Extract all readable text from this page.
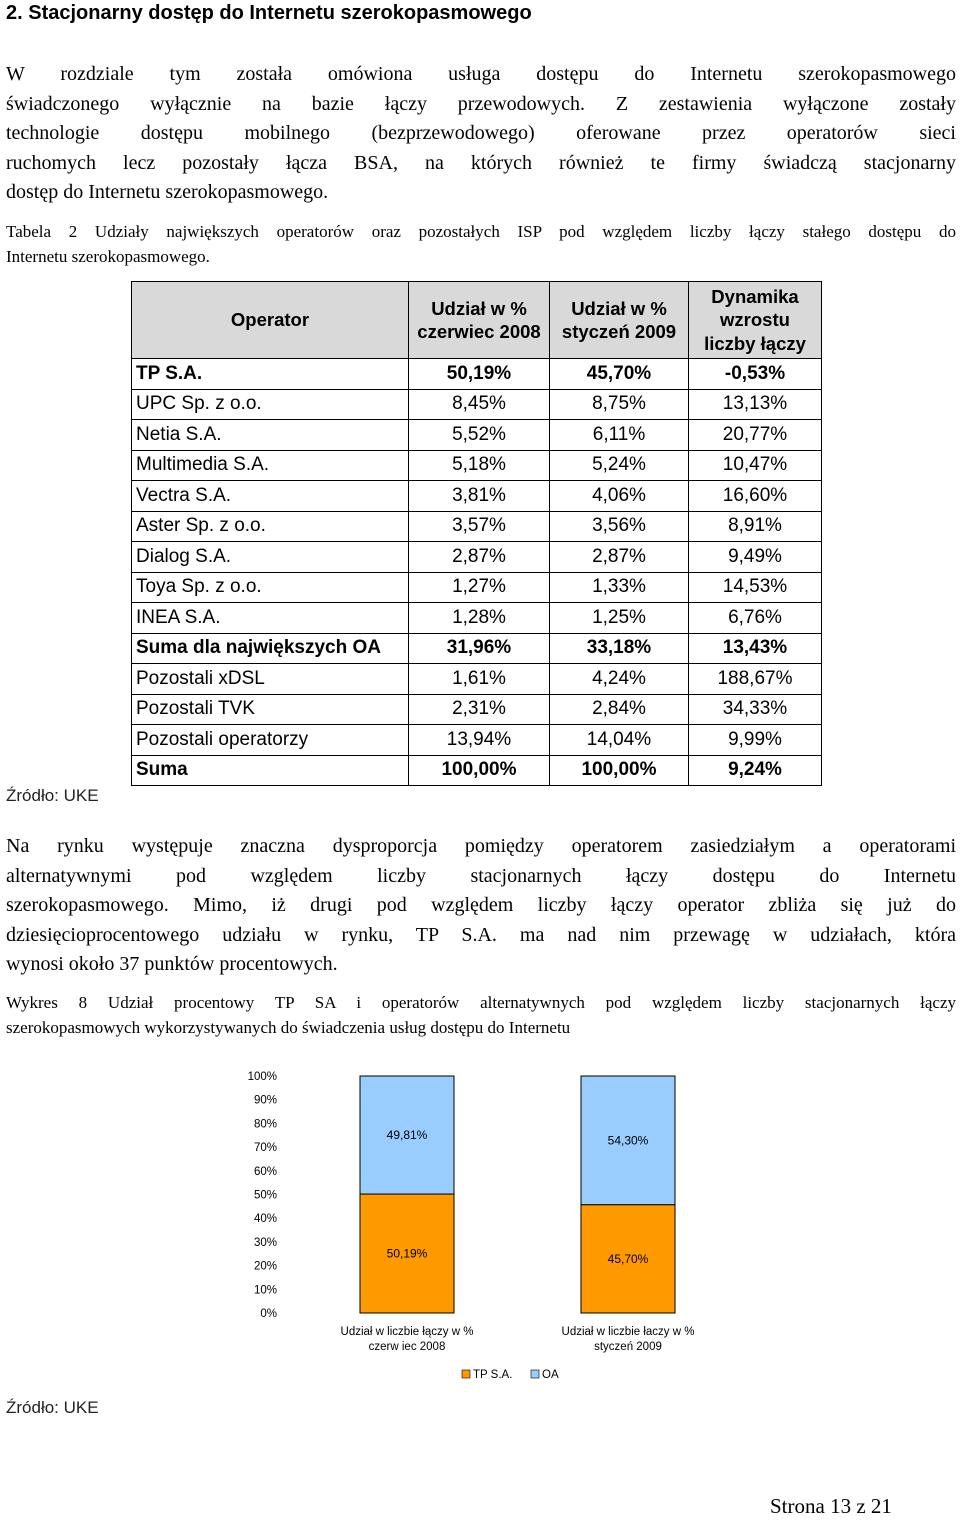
2. Stacjonarny dostęp do Internetu szerokopasmowego
W rozdziale tym została omówiona usługa dostępu do Internetu szerokopasmowego
świadczonego wyłącznie na bazie łączy przewodowych. Z zestawienia wyłączone zostały
technologie dostępu mobilnego (bezprzewodowego) oferowane przez operatorów sieci
ruchomych lecz pozostały łącza BSA, na których również te firmy świadczą stacjonarny
dostęp do Internetu szerokopasmowego.
Tabela 2 Udziały największych operatorów oraz pozostałych ISP pod względem liczby łączy stałego dostępu do
Internetu szerokopasmowego.
Operator	Udział w % czerwiec 2008	Udział w % styczeń 2009	Dynamika wzrostu liczby łączy
TP S.A.	50,19%	45,70%	-0,53%
UPC Sp. z o.o.	8,45%	8,75%	13,13%
Netia S.A.	5,52%	6,11%	20,77%
Multimedia S.A.	5,18%	5,24%	10,47%
Vectra S.A.	3,81%	4,06%	16,60%
Aster Sp. z o.o.	3,57%	3,56%	8,91%
Dialog S.A.	2,87%	2,87%	9,49%
Toya Sp. z o.o.	1,27%	1,33%	14,53%
INEA S.A.	1,28%	1,25%	6,76%
Suma dla największych OA	31,96%	33,18%	13,43%
Pozostali xDSL	1,61%	4,24%	188,67%
Pozostali TVK	2,31%	2,84%	34,33%
Pozostali operatorzy	13,94%	14,04%	9,99%
Suma	100,00%	100,00%	9,24%
Źródło: UKE
Na rynku występuje znaczna dysproporcja pomiędzy operatorem zasiedziałym a operatorami
alternatywnymi pod względem liczby stacjonarnych łączy dostępu do Internetu
szerokopasmowego. Mimo, iż drugi pod względem liczby łączy operator zbliża się już do
dziesięcioprocentowego udziału w rynku, TP S.A. ma nad nim przewagę w udziałach, która
wynosi około 37 punktów procentowych.
Wykres 8 Udział procentowy TP SA i operatorów alternatywnych pod względem liczby stacjonarnych łączy
szerokopasmowych wykorzystywanych do świadczenia usług dostępu do Internetu
0%
10%
20%
30%
40%
50%
60%
70%
80%
90%
100%
50,19%
49,81%
Udział w liczbie łączy w %
czerw iec 2008
45,70%
54,30%
Udział w liczbie łaczy w %
styczeń 2009
TP S.A.	OA
Źródło: UKE
Strona 13 z 21
